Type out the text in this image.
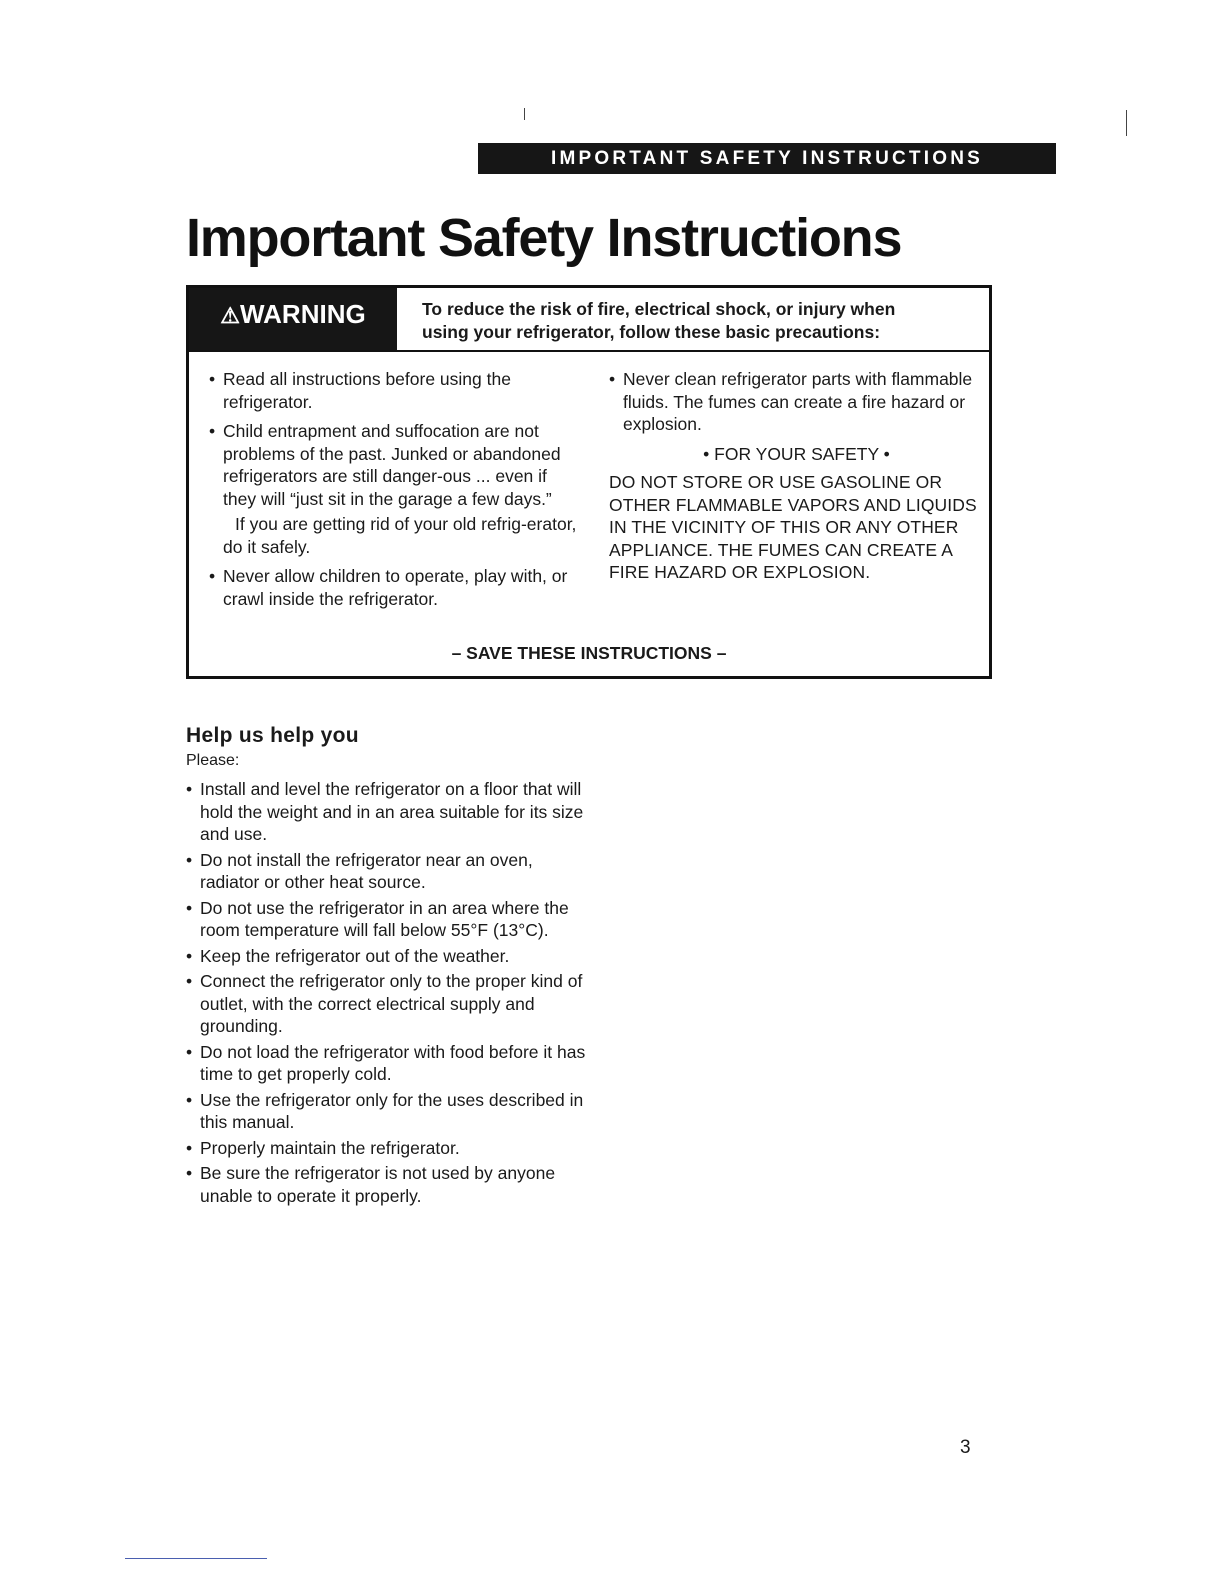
IMPORTANT SAFETY INSTRUCTIONS
Important Safety Instructions
⚠WARNING	To reduce the risk of fire, electrical shock, or injury when
using your refrigerator, follow these basic precautions:
• Read all instructions before using the refrigerator.
• Child entrapment and suffocation are not problems of the past. Junked or abandoned refrigerators are still danger-ous ... even if they will “just sit in the garage a few days.”
If you are getting rid of your old refrig-erator, do it safely.
• Never allow children to operate, play with, or crawl inside the refrigerator.
• Never clean refrigerator parts with flammable fluids. The fumes can create a fire hazard or explosion.
• FOR YOUR SAFETY •
DO NOT STORE OR USE GASOLINE OR OTHER FLAMMABLE VAPORS AND LIQUIDS IN THE VICINITY OF THIS OR ANY OTHER APPLIANCE. THE FUMES CAN CREATE A FIRE HAZARD OR EXPLOSION.
– SAVE THESE INSTRUCTIONS –
Help us help you
Please:
• Install and level the refrigerator on a floor that will hold the weight and in an area suitable for its size and use.
• Do not install the refrigerator near an oven, radiator or other heat source.
• Do not use the refrigerator in an area where the room temperature will fall below 55°F (13°C).
• Keep the refrigerator out of the weather.
• Connect the refrigerator only to the proper kind of outlet, with the correct electrical supply and grounding.
• Do not load the refrigerator with food before it has time to get properly cold.
• Use the refrigerator only for the uses described in this manual.
• Properly maintain the refrigerator.
• Be sure the refrigerator is not used by anyone unable to operate it properly.
3
